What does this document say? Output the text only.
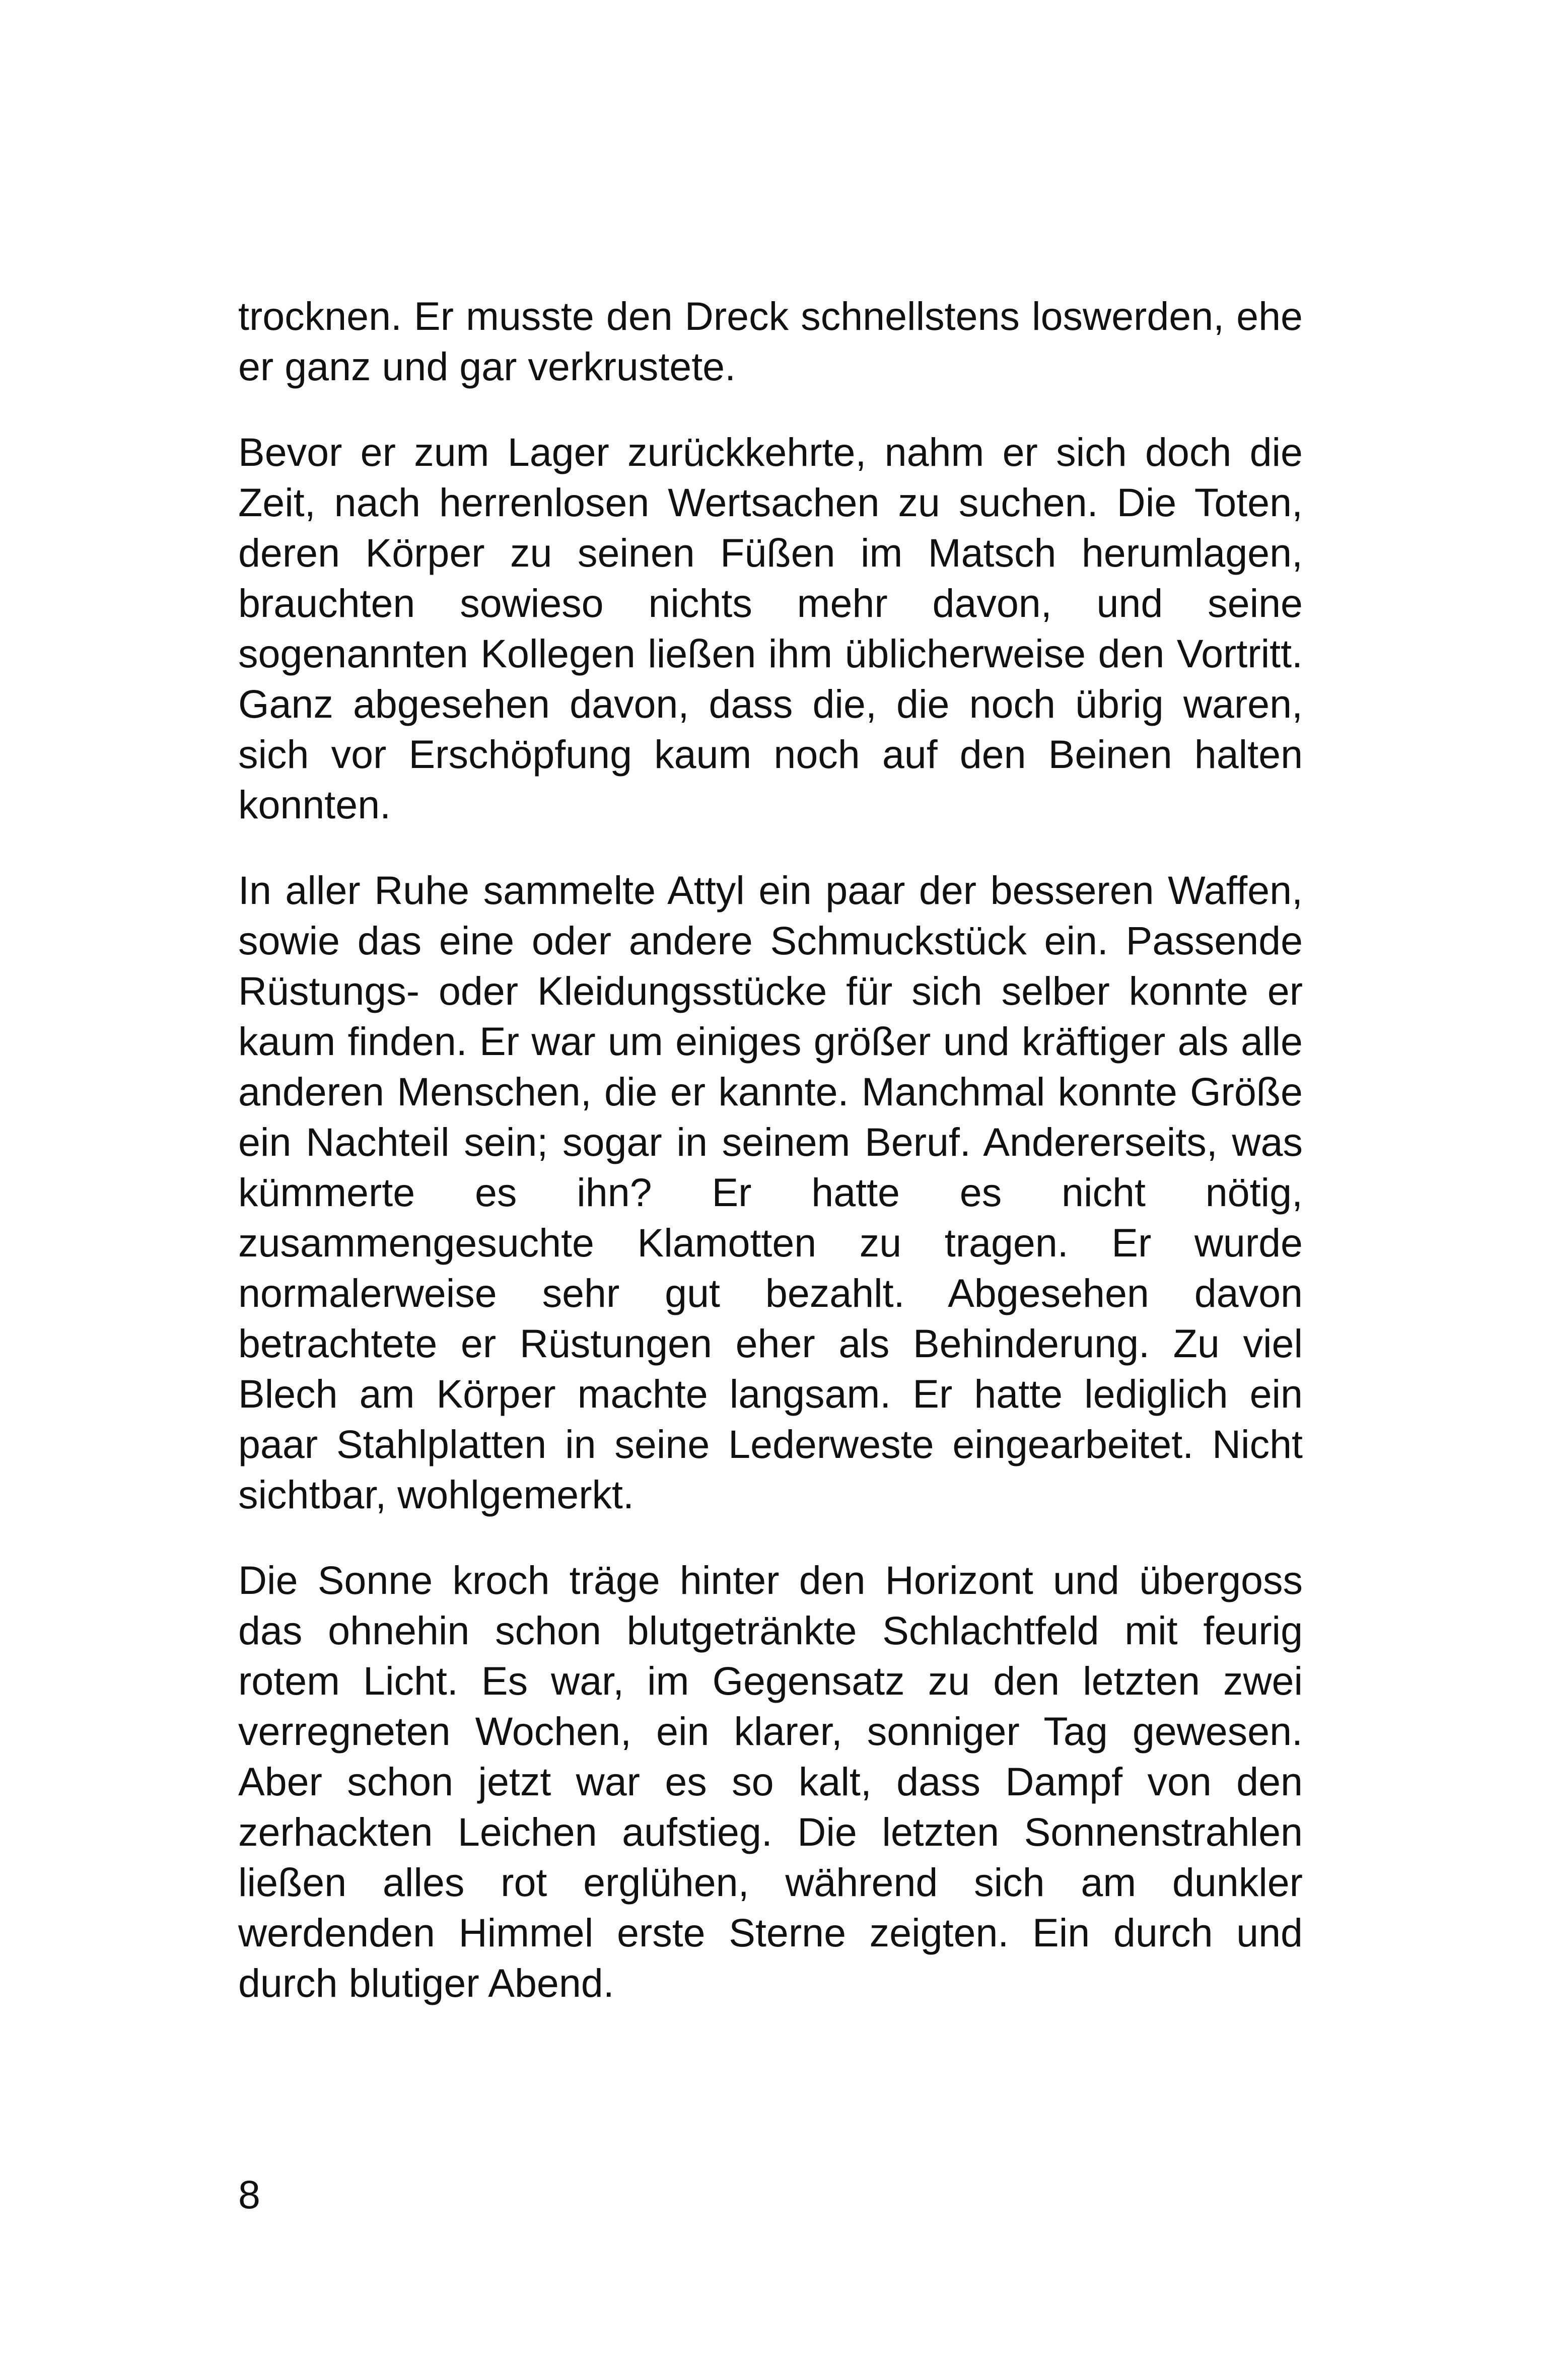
trocknen. Er musste den Dreck schnellstens loswerden, ehe er ganz und gar verkrustete.

Bevor er zum Lager zurückkehrte, nahm er sich doch die Zeit, nach herrenlosen Wertsachen zu suchen. Die Toten, deren Körper zu seinen Füßen im Matsch herumlagen, brauchten sowieso nichts mehr davon, und seine sogenannten Kollegen ließen ihm üblicherweise den Vortritt. Ganz abgesehen davon, dass die, die noch übrig waren, sich vor Erschöpfung kaum noch auf den Beinen halten konnten.

In aller Ruhe sammelte Attyl ein paar der besseren Waffen, sowie das eine oder andere Schmuckstück ein. Passende Rüstungs- oder Kleidungsstücke für sich selber konnte er kaum finden. Er war um einiges größer und kräftiger als alle anderen Menschen, die er kannte. Manchmal konnte Größe ein Nachteil sein; sogar in seinem Beruf. Andererseits, was kümmerte es ihn? Er hatte es nicht nötig, zusammengesuchte Klamotten zu tragen. Er wurde normalerweise sehr gut bezahlt. Abgesehen davon betrachtete er Rüstungen eher als Behinderung. Zu viel Blech am Körper machte langsam. Er hatte lediglich ein paar Stahlplatten in seine Lederweste eingearbeitet. Nicht sichtbar, wohlgemerkt.

Die Sonne kroch träge hinter den Horizont und übergoss das ohnehin schon blutgetränkte Schlachtfeld mit feurig rotem Licht. Es war, im Gegensatz zu den letzten zwei verregneten Wochen, ein klarer, sonniger Tag gewesen. Aber schon jetzt war es so kalt, dass Dampf von den zerhackten Leichen aufstieg. Die letzten Sonnenstrahlen ließen alles rot erglühen, während sich am dunkler werdenden Himmel erste Sterne zeigten. Ein durch und durch blutiger Abend.

8
